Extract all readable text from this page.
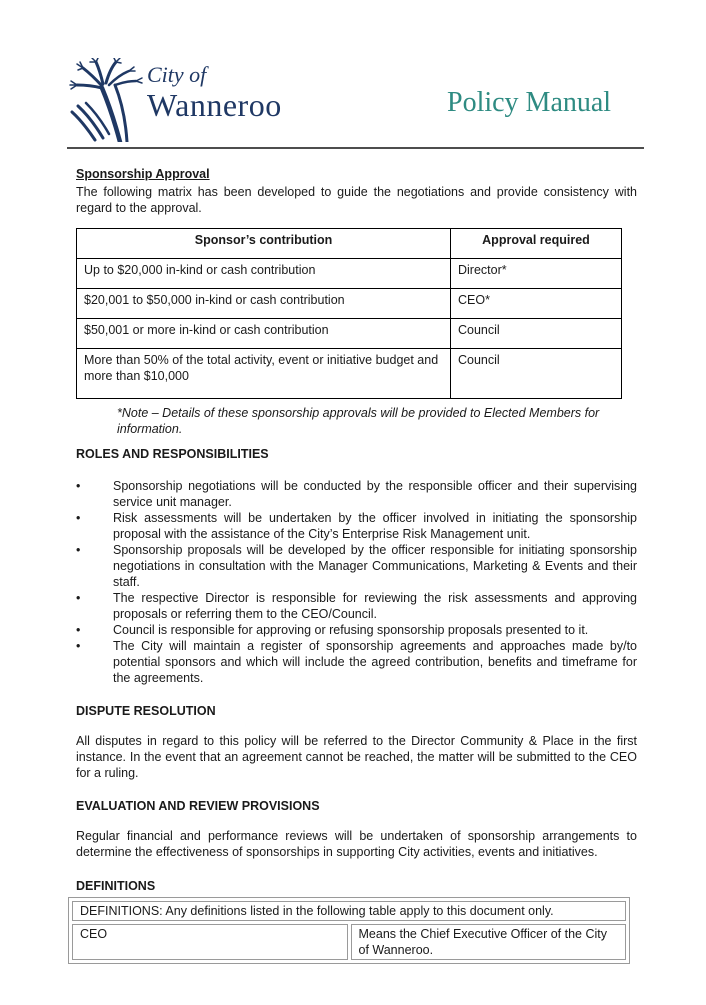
City of
Wanneroo	Policy Manual
Sponsorship Approval
The following matrix has been developed to guide the negotiations and provide consistency with regard to the approval.
Sponsor’s contribution	Approval required
Up to $20,000 in-kind or cash contribution	Director*
$20,001 to $50,000 in-kind or cash contribution	CEO*
$50,001 or more in-kind or cash contribution	Council
More than 50% of the total activity, event or initiative budget and more than $10,000	Council
*Note – Details of these sponsorship approvals will be provided to Elected Members for information.
ROLES AND RESPONSIBILITIES
•	Sponsorship negotiations will be conducted by the responsible officer and their supervising service unit manager.
•	Risk assessments will be undertaken by the officer involved in initiating the sponsorship proposal with the assistance of the City’s Enterprise Risk Management unit.
•	Sponsorship proposals will be developed by the officer responsible for initiating sponsorship negotiations in consultation with the Manager Communications, Marketing & Events and their staff.
•	The respective Director is responsible for reviewing the risk assessments and approving proposals or referring them to the CEO/Council.
•	Council is responsible for approving or refusing sponsorship proposals presented to it.
•	The City will maintain a register of sponsorship agreements and approaches made by/to potential sponsors and which will include the agreed contribution, benefits and timeframe for the agreements.
DISPUTE RESOLUTION
All disputes in regard to this policy will be referred to the Director Community & Place in the first instance. In the event that an agreement cannot be reached, the matter will be submitted to the CEO for a ruling.
EVALUATION AND REVIEW PROVISIONS
Regular financial and performance reviews will be undertaken of sponsorship arrangements to determine the effectiveness of sponsorships in supporting City activities, events and initiatives.
DEFINITIONS
DEFINITIONS: Any definitions listed in the following table apply to this document only.
CEO	Means the Chief Executive Officer of the City of Wanneroo.
